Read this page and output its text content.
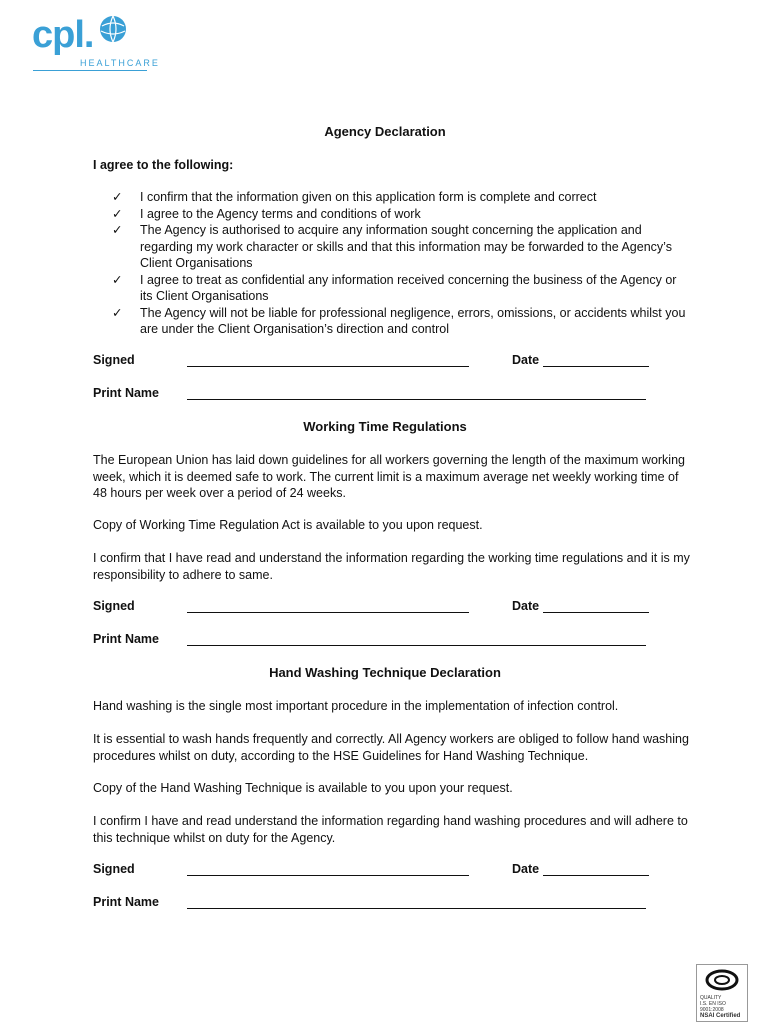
cpl.
HEALTHCARE
Agency Declaration

I agree to the following:

✓	I confirm that the information given on this application form is complete and correct
✓	I agree to the Agency terms and conditions of work
✓	The Agency is authorised to acquire any information sought concerning the application and regarding my work character or skills and that this information may be forwarded to the Agency’s Client Organisations
✓	I agree to treat as confidential any information received concerning the business of the Agency or its Client Organisations
✓	The Agency will not be liable for professional negligence, errors, omissions, or accidents whilst you are under the Client Organisation’s direction and control
Signed	Date
Print Name
Working Time Regulations

The European Union has laid down guidelines for all workers governing the length of the maximum working week, which it is deemed safe to work. The current limit is a maximum average net weekly working time of 48 hours per week over a period of 24 weeks.

Copy of Working Time Regulation Act is available to you upon request.

I confirm that I have read and understand the information regarding the working time regulations and it is my responsibility to adhere to same.

Signed	Date
Print Name
Hand Washing Technique Declaration

Hand washing is the single most important procedure in the implementation of infection control.

It is essential to wash hands frequently and correctly. All Agency workers are obliged to follow hand washing procedures whilst on duty, according to the HSE Guidelines for Hand Washing Technique.

Copy of the Hand Washing Technique is available to you upon your request.

I confirm I have and read understand the information regarding hand washing procedures and will adhere to this technique whilst on duty for the Agency.

Signed	Date
Print Name
QUALITY
I.S. EN ISO 9001:2008
NSAI Certified
